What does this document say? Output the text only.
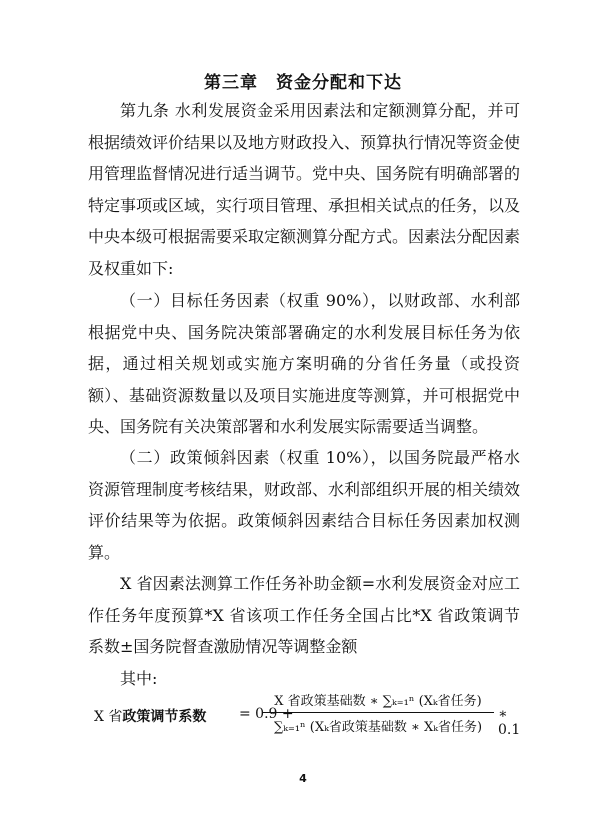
第三章　资金分配和下达

第九条 水利发展资金采用因素法和定额测算分配，并可根据绩效评价结果以及地方财政投入、预算执行情况等资金使用管理监督情况进行适当调节。党中央、国务院有明确部署的特定事项或区域，实行项目管理、承担相关试点的任务，以及中央本级可根据需要采取定额测算分配方式。因素法分配因素及权重如下:

（一）目标任务因素（权重 90%），以财政部、水利部根据党中央、国务院决策部署确定的水利发展目标任务为依据，通过相关规划或实施方案明确的分省任务量（或投资额）、基础资源数量以及项目实施进度等测算，并可根据党中央、国务院有关决策部署和水利发展实际需要适当调整。

（二）政策倾斜因素（权重 10%），以国务院最严格水资源管理制度考核结果，财政部、水利部组织开展的相关绩效评价结果等为依据。政策倾斜因素结合目标任务因素加权测算。

X 省因素法测算工作任务补助金额=水利发展资金对应工作任务年度预算*X 省该项工作任务全国占比*X 省政策调节系数±国务院督查激励情况等调整金额

其中:

X 省政策调节系数 = 0.9 +
X 省政策基础数 ∗ ∑ₖ₌₁ⁿ (Xₖ省任务)
∑ₖ₌₁ⁿ (Xₖ省政策基础数 ∗ Xₖ省任务)
∗ 0.1
4
